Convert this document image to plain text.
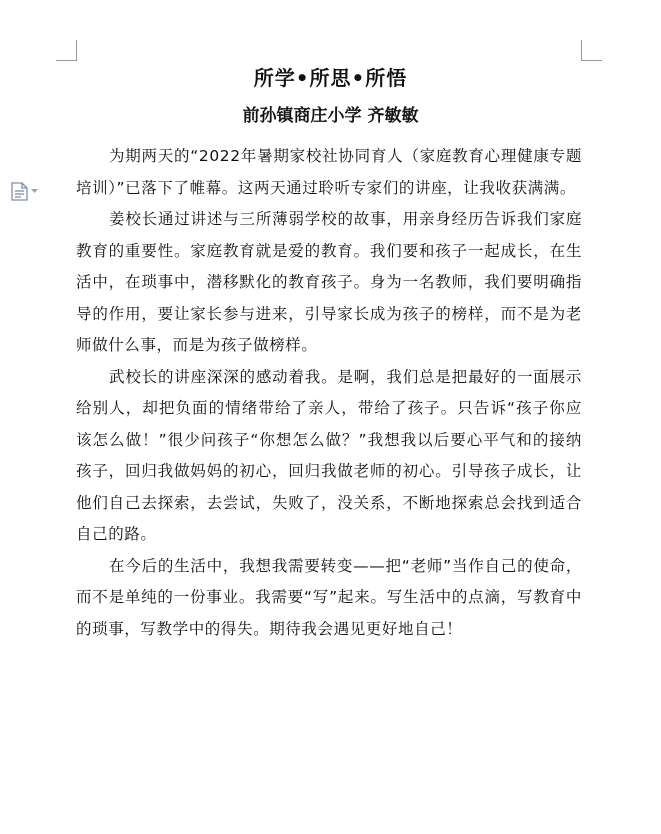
所学•所思•所悟
前孙镇商庄小学 齐敏敏

为期两天的“2022年暑期家校社协同育人（家庭教育心理健康专题培训）”已落下了帷幕。这两天通过聆听专家们的讲座，让我收获满满。

姜校长通过讲述与三所薄弱学校的故事，用亲身经历告诉我们家庭教育的重要性。家庭教育就是爱的教育。我们要和孩子一起成长，在生活中，在琐事中，潜移默化的教育孩子。身为一名教师，我们要明确指导的作用，要让家长参与进来，引导家长成为孩子的榜样，而不是为老师做什么事，而是为孩子做榜样。

武校长的讲座深深的感动着我。是啊，我们总是把最好的一面展示给别人，却把负面的情绪带给了亲人，带给了孩子。只告诉“孩子你应该怎么做！”很少问孩子“你想怎么做？”我想我以后要心平气和的接纳孩子，回归我做妈妈的初心，回归我做老师的初心。引导孩子成长，让他们自己去探索，去尝试，失败了，没关系，不断地探索总会找到适合自己的路。

在今后的生活中，我想我需要转变——把“老师”当作自己的使命，而不是单纯的一份事业。我需要“写”起来。写生活中的点滴，写教育中的琐事，写教学中的得失。期待我会遇见更好地自己！
